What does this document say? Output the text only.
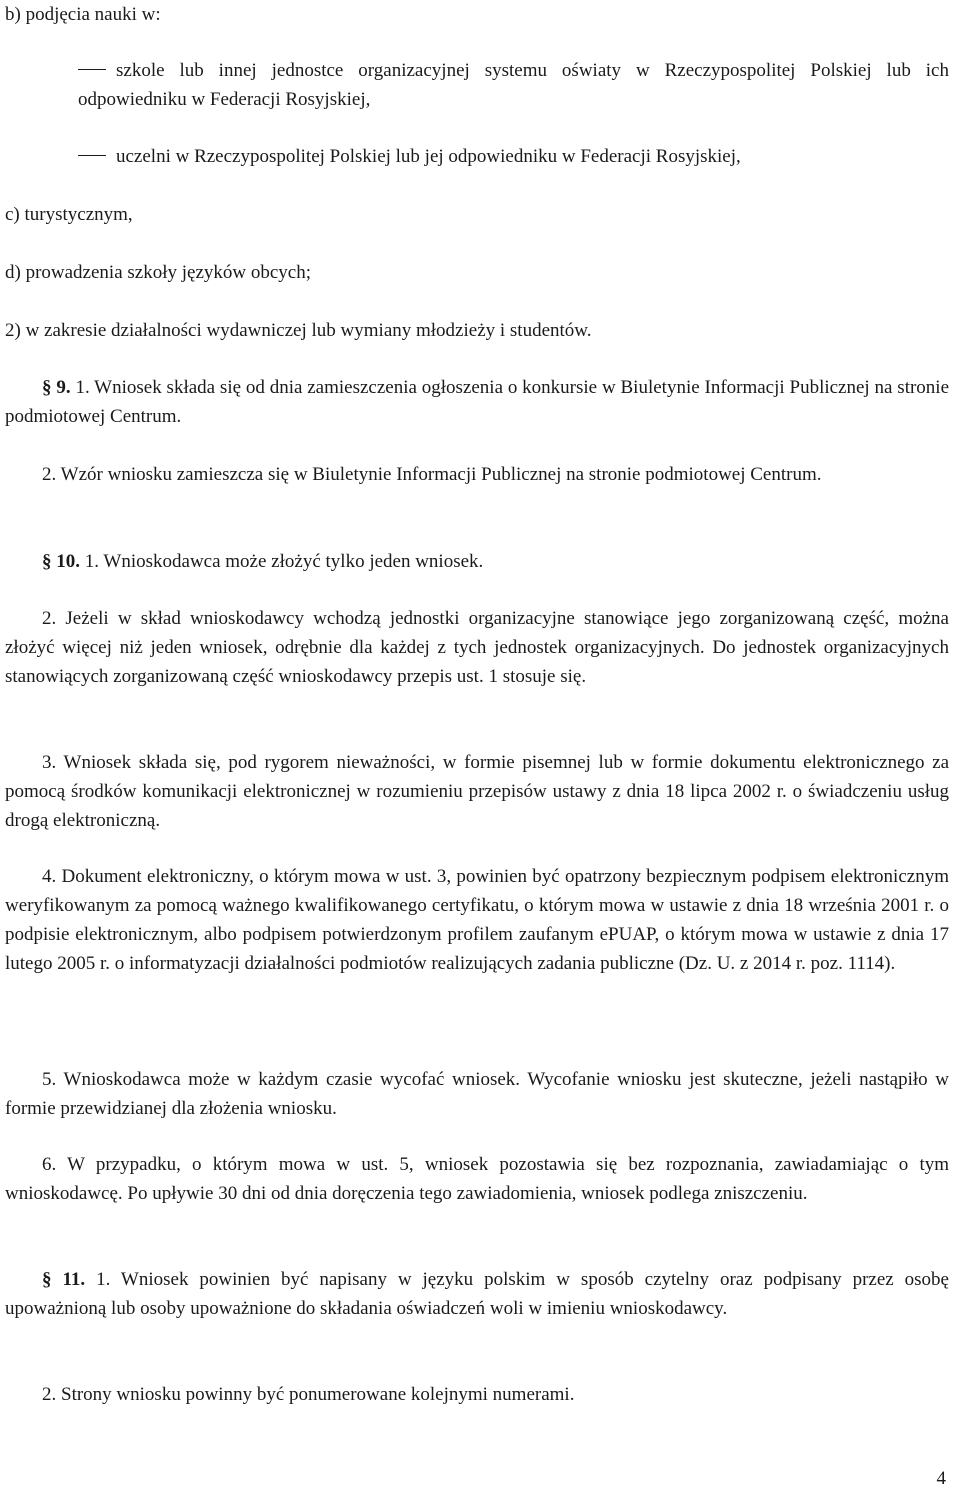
b) podjęcia nauki w:
szkole lub innej jednostce organizacyjnej systemu oświaty w Rzeczypospolitej Polskiej lub ich odpowiedniku w Federacji Rosyjskiej,
uczelni w Rzeczypospolitej Polskiej lub jej odpowiedniku w Federacji Rosyjskiej,
c) turystycznym,
d) prowadzenia szkoły języków obcych;
2) w zakresie działalności wydawniczej lub wymiany młodzieży i studentów.
§ 9. 1. Wniosek składa się od dnia zamieszczenia ogłoszenia o konkursie w Biuletynie Informacji Publicznej na stronie podmiotowej Centrum.
2. Wzór wniosku zamieszcza się w Biuletynie Informacji Publicznej na stronie podmiotowej Centrum.
§ 10. 1. Wnioskodawca może złożyć tylko jeden wniosek.
2. Jeżeli w skład wnioskodawcy wchodzą jednostki organizacyjne stanowiące jego zorganizowaną część, można złożyć więcej niż jeden wniosek, odrębnie dla każdej z tych jednostek organizacyjnych. Do jednostek organizacyjnych stanowiących zorganizowaną część wnioskodawcy przepis ust. 1 stosuje się.
3. Wniosek składa się, pod rygorem nieważności, w formie pisemnej lub w formie dokumentu elektronicznego za pomocą środków komunikacji elektronicznej w rozumieniu przepisów ustawy z dnia 18 lipca 2002 r. o świadczeniu usług drogą elektroniczną.
4. Dokument elektroniczny, o którym mowa w ust. 3, powinien być opatrzony bezpiecznym podpisem elektronicznym weryfikowanym za pomocą ważnego kwalifikowanego certyfikatu, o którym mowa w ustawie z dnia 18 września 2001 r. o podpisie elektronicznym, albo podpisem potwierdzonym profilem zaufanym ePUAP, o którym mowa w ustawie z dnia 17 lutego 2005 r. o informatyzacji działalności podmiotów realizujących zadania publiczne (Dz. U. z 2014 r. poz. 1114).
5. Wnioskodawca może w każdym czasie wycofać wniosek. Wycofanie wniosku jest skuteczne, jeżeli nastąpiło w formie przewidzianej dla złożenia wniosku.
6. W przypadku, o którym mowa w ust. 5, wniosek pozostawia się bez rozpoznania, zawiadamiając o tym wnioskodawcę. Po upływie 30 dni od dnia doręczenia tego zawiadomienia, wniosek podlega zniszczeniu.
§ 11. 1. Wniosek powinien być napisany w języku polskim w sposób czytelny oraz podpisany przez osobę upoważnioną lub osoby upoważnione do składania oświadczeń woli w imieniu wnioskodawcy.
2. Strony wniosku powinny być ponumerowane kolejnymi numerami.
4
